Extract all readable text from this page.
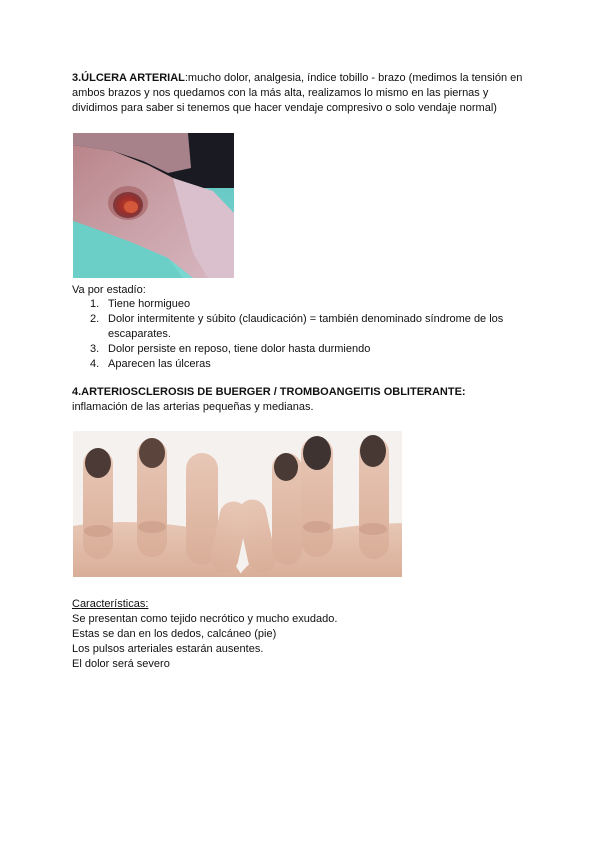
3.ÚLCERA ARTERIAL:mucho dolor, analgesia, índice tobillo - brazo (medimos la tensión en ambos brazos y nos quedamos con la más alta, realizamos lo mismo en las piernas y dividimos para saber si tenemos que hacer vendaje compresivo o solo vendaje normal)

Va por estadío:

1. Tiene hormigueo
2. Dolor intermitente y súbito (claudicación) = también denominado síndrome de los escaparates.
3. Dolor persiste en reposo, tiene dolor hasta durmiendo
4. Aparecen las úlceras

4.ARTERIOSCLEROSIS DE BUERGER / TROMBOANGEITIS OBLITERANTE:
inflamación de las arterias pequeñas y medianas.

Características:
Se presentan como tejido necrótico y mucho exudado.
Estas se dan en los dedos, calcáneo (pie)
Los pulsos arteriales estarán ausentes.
El dolor será severo
